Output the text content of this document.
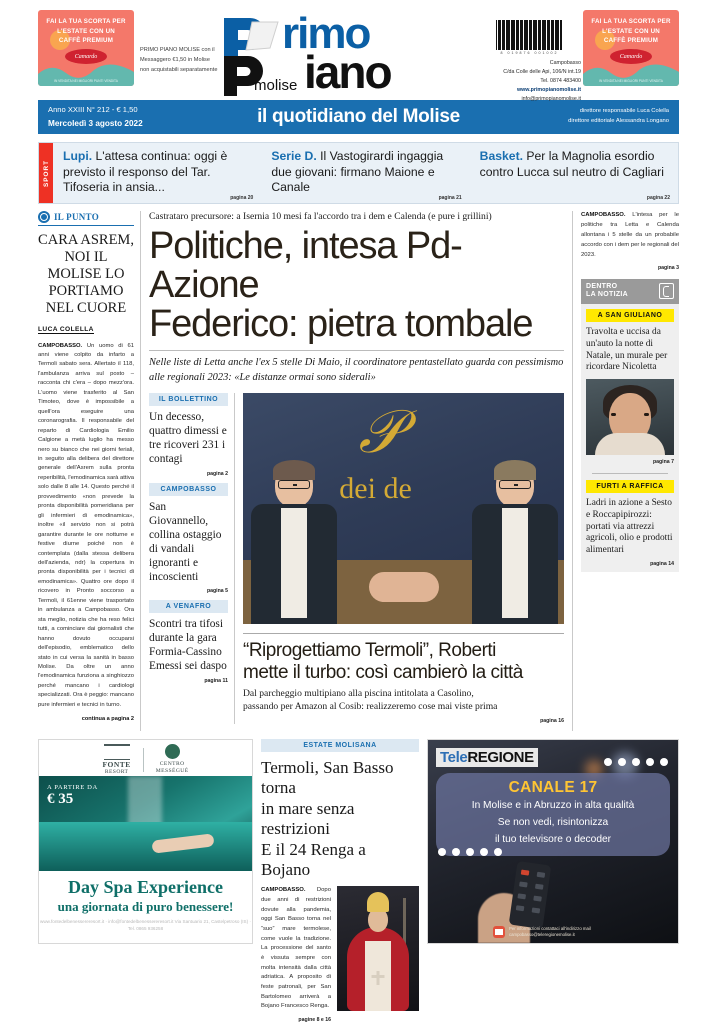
FAI LA TUA SCORTA PER
L'ESTATE CON UN
CAFFÈ PREMIUM
Camardo
IN VENDITA NEI MIGLIORI PUNTI VENDITA
PRIMO PIANO MOLISE con il Messaggero €1,50 in Molise non acquistabili separatamente
rimo
molise iano	8 019876 001002
Campobasso
C/da Colle delle Api, 106/N int.19
Tel. 0874 483400
www.primopianomolise.it
info@primopianomolise.it
FAI LA TUA SCORTA PER
L'ESTATE CON UN
CAFFÈ PREMIUM
Camardo
IN VENDITA NEI MIGLIORI PUNTI VENDITA
Anno XXIII N° 212 - € 1,50
Mercoledì 3 agosto 2022	il quotidiano del Molise	direttore responsabile Luca Colella
direttore editoriale Alessandra Longano
SPORT
Lupi. L'attesa continua: oggi è previsto il responso del Tar. Tifoseria in ansia...
pagina 20
Serie D. Il Vastogirardi ingaggia due giovani: firmano Maione e Canale
pagina 21
Basket. Per la Magnolia esordio contro Lucca sul neutro di Cagliari
pagina 22
IL PUNTO
CARA ASREM, NOI IL MOLISE LO PORTIAMO NEL CUORE
LUCA COLELLA
CAMPOBASSO. Un uomo di 61 anni viene colpito da infarto a Termoli sabato sera. Allertato il 118, l'ambulanza arriva sul posto – racconta chi c'era – dopo mezz'ora. L'uomo viene trasferito al San Timoteo, dove è impossibile a quell'ora eseguire una coronarografia. Il responsabile del reparto di Cardiologia Emilio Calgione a metà luglio ha messo nero su bianco che nei giorni feriali, in seguito alla delibera del direttore generale dell'Asrem sulla pronta reperibilità, l'emodinamica sarà attiva solo dalle 8 alle 14. Questo perché il provvedimento «non prevede la pronta disponibilità pomeridiana per gli infermieri di emodinamica», inoltre «il servizio non si potrà garantire durante le ore notturne e festive diurne poiché non è contemplata (dalla stessa delibera dell'azienda, ndr) la copertura in pronta disponibilità per i tecnici di emodinamica». Quattro ore dopo il ricovero in Pronto soccorso a Termoli, il 61enne viene trasportato in ambulanza a Campobasso. Ora sta meglio, notizia che ha reso felici tutti, a cominciare dai giornalisti che hanno dovuto occuparsi dell'episodio, emblematico dello stato in cui versa la sanità in basso Molise. Da oltre un anno l'emodinamica funziona a singhiozzo perché mancano i cardiologi specializzati. Ora è peggio: mancano pure infermieri e tecnici in turno.
continua a pagina 2
Castrataro precursore: a Isernia 10 mesi fa l'accordo tra i dem e Calenda (e pure i grillini)
Politiche, intesa Pd-Azione
Federico: pietra tombale
Nelle liste di Letta anche l'ex 5 stelle Di Maio, il coordinatore pentastellato guarda con pessimismo alle regionali 2023: «Le distanze ormai sono siderali»
IL BOLLETTINO
Un decesso, quattro dimessi e tre ricoveri 231 i contagi
pagina 2
CAMPOBASSO
San Giovannello, collina ostaggio di vandali ignoranti e incoscienti
pagina 5
A VENAFRO
Scontri tra tifosi durante la gara Formia-Cassino Emessi sei daspo
pagina 11
𝒫
dei de
“Riprogettiamo Termoli”, Roberti
mette il turbo: così cambierò la città

Dal parcheggio multipiano alla piscina intitolata a Casolino,
passando per Amazon al Cosib: realizzeremo cose mai viste prima

pagina 16
CAMPOBASSO. L'intesa per le politiche tra Letta e Calenda allontana i 5 stelle da un probabile accordo con i dem per le regionali del 2023.
pagina 3
DENTRO
LA NOTIZIA
A SAN GIULIANO
Travolta e uccisa da un'auto la notte di Natale, un murale per ricordare Nicoletta
pagina 7
FURTI A RAFFICA
Ladri in azione a Sesto e Roccapipirozzi: portati via attrezzi agricoli, olio e prodotti alimentari
pagina 14
FONTE
RESORT
CENTRO
MESSÉGUÉ
A PARTIRE DA
€ 35
Day Spa Experience
una giornata di puro benessere!
www.fontedelbenessereresort.it · info@fontedelbenessereresort.it Via Santuario 21, Castelpetroso (IS) · Tel. 0865 936258
ESTATE MOLISANA
Termoli, San Basso torna
in mare senza restrizioni
E il 24 Renga a Bojano
CAMPOBASSO. Dopo due anni di restrizioni dovute alla pandemia, oggi San Basso torna nel “suo” mare termolese, come vuole la tradizione. La processione del santo è vissuta sempre con molta intensità dalla città adriatica. A proposito di feste patronali, per San Bartolomeo arriverà a Bojano Francesco Renga.
pagine 8 e 16
TeleREGIONE
CANALE 17
In Molise e in Abruzzo in alta qualità
Se non vedi, risintonizza
il tuo televisore o decoder
Per informazioni contattaci all'indirizzo mail
campobasso@teleregionemolise.it
